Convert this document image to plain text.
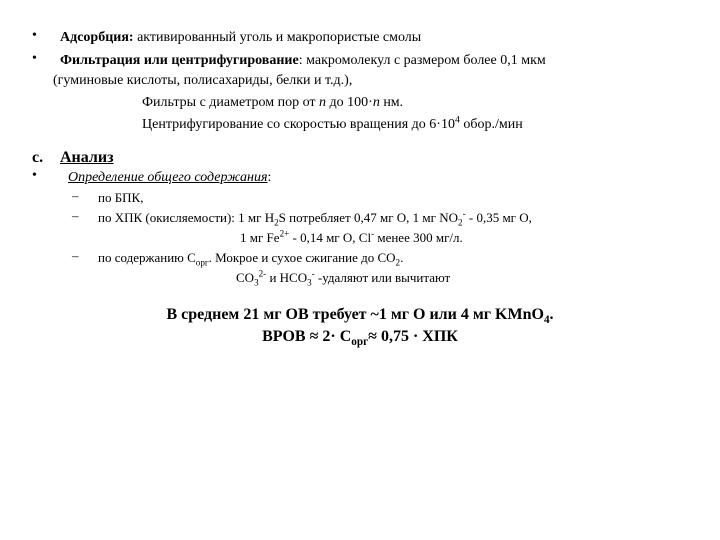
• Адсорбция: активированный уголь и макропористые смолы
• Фильтрация или центрифугирование: макромолекул с размером более 0,1 мкм
(гуминовые кислоты, полисахариды, белки и т.д.),
Фильтры с диаметром пор от n до 100·n нм.
Центрифугирование со скоростью вращения до $6\cdot 10^4$ обор./мин
c. Анализ
• Определение общего содержания:
– по БПК,
– по ХПК (окисляемости): 1 мг $H_2S$ потребляет 0,47 мг О, 1 мг $NO_2^- - 0,35$ мг О,
1 мг $Fe^{2+} - 0,14$ мг О, Cl- менее 300 мг/л.
– по содержанию $С_{орг}$. Мокрое и сухое сжигание до $СО_2$.
$CO_3^{2-}$ и $НСО_3^-$ -удаляют или вычитают
В среднем 21 мг ОВ требует ~1 мг О или 4 мг KMnО$_4$.
ВРОВ ≈ $2\cdot С_{орг}\approx 0,75$ · ХПК
